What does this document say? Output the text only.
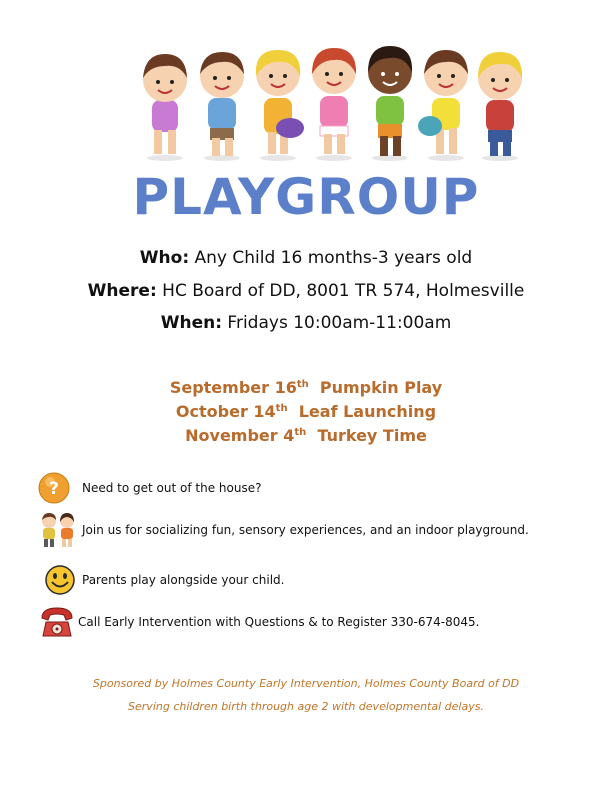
PLAYGROUP
Who: Any Child 16 months-3 years old
Where: HC Board of DD, 8001 TR 574, Holmesville
When: Fridays 10:00am-11:00am
September 16th Pumpkin Play
October 14th Leaf Launching
November 4th Turkey Time
? Need to get out of the house?
Join us for socializing fun, sensory experiences, and an indoor playground.
Parents play alongside your child.
Call Early Intervention with Questions & to Register 330-674-8045.
Sponsored by Holmes County Early Intervention, Holmes County Board of DD
Serving children birth through age 2 with developmental delays.
